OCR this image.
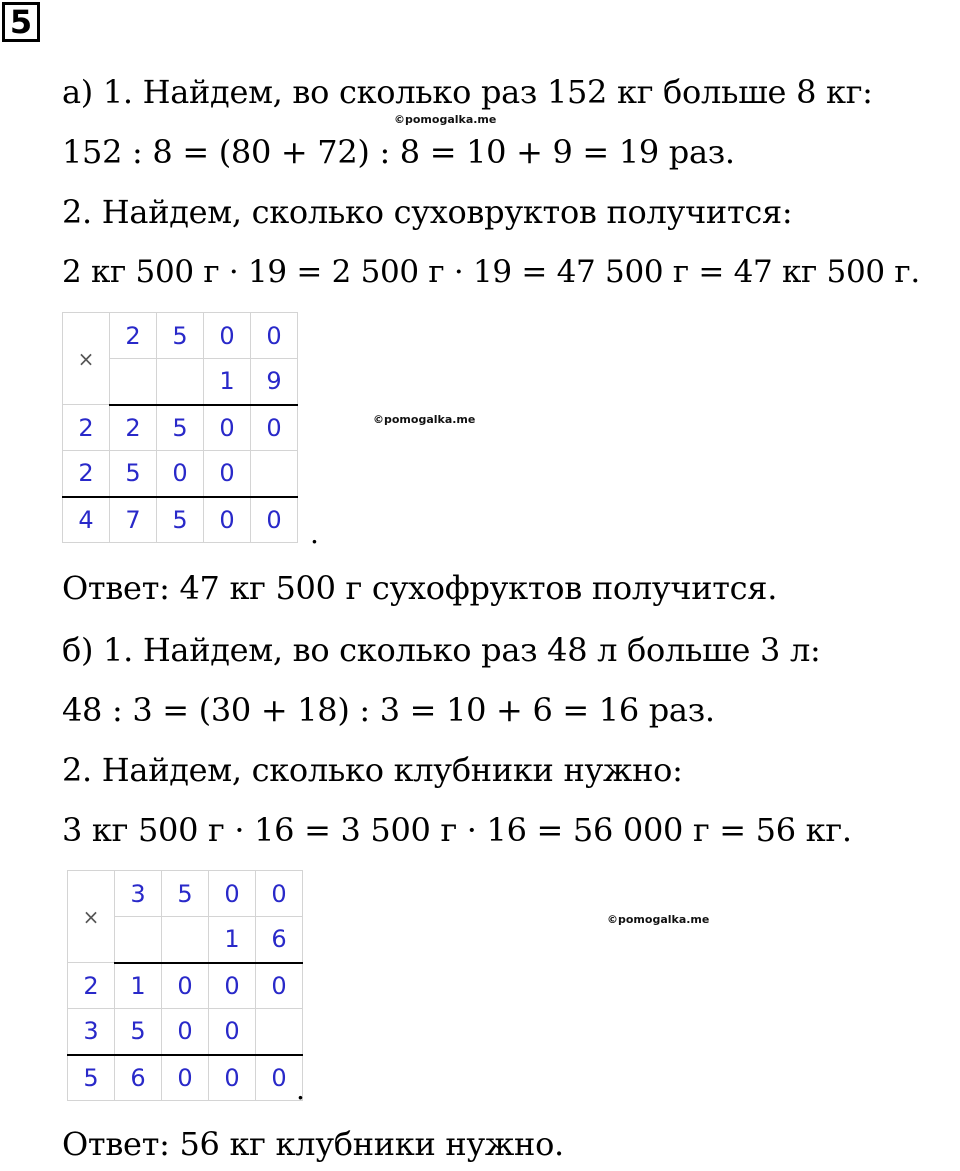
5
а) 1. Найдем, во сколько раз 152 кг больше 8 кг:
©pomogalka.me
152 : 8 = (80 + 72) : 8 = 10 + 9 = 19 раз.
2. Найдем, сколько суховруктов получится:
2 кг 500 г · 19 = 2 500 г · 19 = 47 500 г = 47 кг 500 г.
×	2	5	0	0
			1	9
2	2	5	0	0
2	5	0	0	
4	7	5	0	0 .
©pomogalka.me
Ответ: 47 кг 500 г сухофруктов получится.
б) 1. Найдем, во сколько раз 48 л больше 3 л:
48 : 3 = (30 + 18) : 3 = 10 + 6 = 16 раз.
2. Найдем, сколько клубники нужно:
3 кг 500 г · 16 = 3 500 г · 16 = 56 000 г = 56 кг.
×	3	5	0	0
			1	6
2	1	0	0	0
3	5	0	0	
5	6	0	0	0 .
©pomogalka.me
Ответ: 56 кг клубники нужно.
